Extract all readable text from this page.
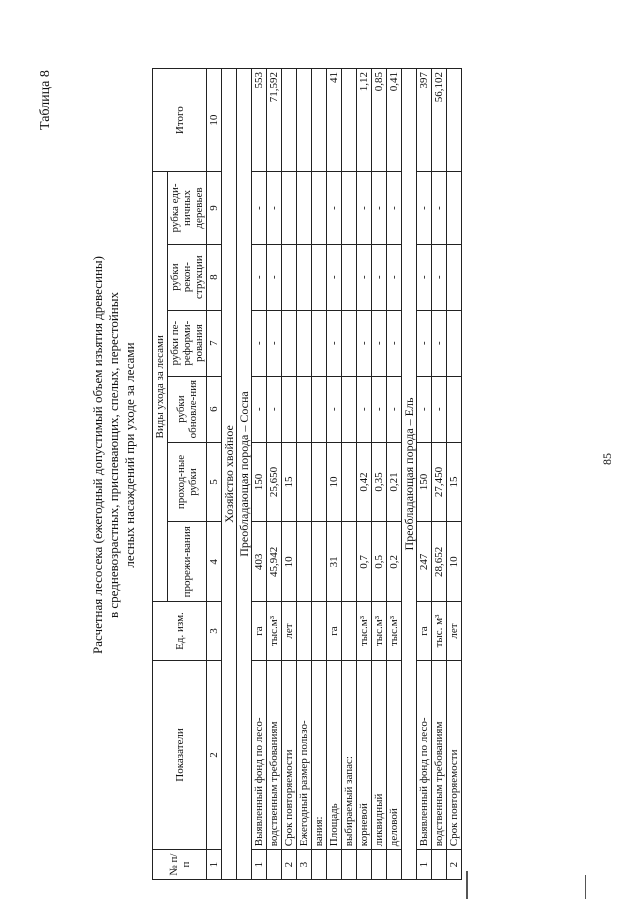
Таблица 8
Расчетная лесосека (ежегодный допустимый объем изъятия древесины) в средневозрастных, приспевающих, спелых, перестойных лесных насаждений при уходе за лесами
№ п/п	Показатели	Ед. изм.	Виды ухода за лесами						Итого
			прорежи-вания	проход-ные рубки	рубки обновле-ния	рубки пе-реформи-рования	рубки рекон-струкции	рубка еди-ничных деревьев	
1	2	3	4	5	6	7	8	9	10
Хозяйство хвойное									
Преобладающая порода – Сосна									
1	Выявленный фонд по лесо-	га	403	150	-	-	-	-	553
	водственным требованиям	тыс.м³	45,942	25,650	-	-	-	-	71,592
2	Срок повторяемости	лет	10	15					
3	Ежегодный размер пользо-								
	вания:								
	Площадь	га	31	10	-	-	-	-	41
	выбираемый запас:								
	корневой	тыс.м³	0,7	0,42	-	-	-	-	1,12
	ликвидный	тыс.м³	0,5	0,35	-	-	-	-	0,85
	деловой	тыс.м³	0,2	0,21	-	-	-	-	0,41
Преобладающая порода – Ель									
1	Выявленный фонд по лесо-	га	247	150	-	-	-	-	397
	водственным требованиям	тыс. м³	28,652	27,450	-	-	-	-	56,102
2	Срок повторяемости	лет	10	15					
85
